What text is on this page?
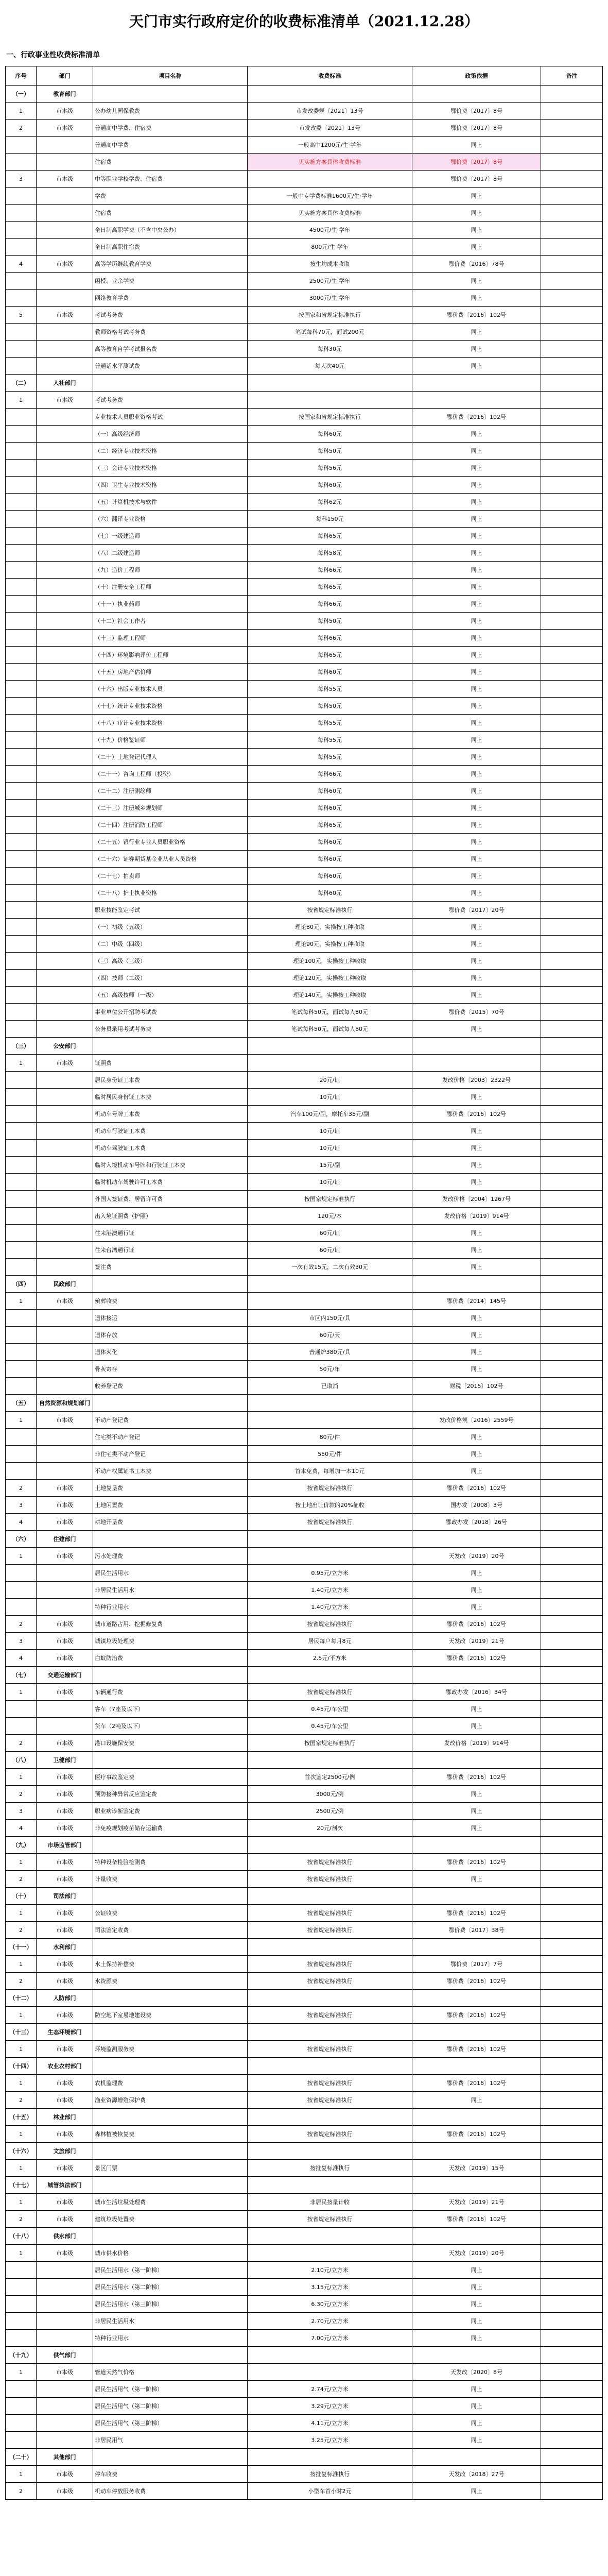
天门市实行政府定价的收费标准清单（2021.12.28）
一、行政事业性收费标准清单
序号	部门	项目名称	收费标准	政策依据	备注
（一）	教育部门				
1	市本级	公办幼儿园保教费	市发改委规〔2021〕13号	鄂价费〔2017〕8号	
2	市本级	普通高中学费、住宿费	市发改委〔2021〕13号	鄂价费〔2017〕8号	
		普通高中学费	一般高中1200元/生·学年	同上	
		住宿费	见实施方案具体收费标准	鄂价费〔2017〕8号	
3	市本级	中等职业学校学费、住宿费		鄂价费〔2017〕8号	
		学费	一般中专学费标准1600元/生·学年	同上	
		住宿费	见实施方案具体收费标准	同上	
		全日制高职学费（不含中央公办）	4500元/生·学年	同上	
		全日制高职住宿费	800元/生·学年	同上	
4	市本级	高等学历继续教育学费	按生均成本收取	鄂价费〔2016〕78号	
		函授、业余学费	2500元/生·学年	同上	
		网络教育学费	3000元/生·学年	同上	
5	市本级	考试考务费	按国家和省规定标准执行	鄂价费〔2016〕102号	
		教师资格考试考务费	笔试每科70元，面试200元	同上	
		高等教育自学考试报名费	每科30元	同上	
		普通话水平测试费	每人次40元	同上	
（二）	人社部门				
1	市本级	考试考务费			
		专业技术人员职业资格考试	按国家和省规定标准执行	鄂价费〔2016〕102号	
		（一）高级经济师	每科60元	同上	
		（二）经济专业技术资格	每科50元	同上	
		（三）会计专业技术资格	每科56元	同上	
		（四）卫生专业技术资格	每科60元	同上	
		（五）计算机技术与软件	每科62元	同上	
		（六）翻译专业资格	每科150元	同上	
		（七）一级建造师	每科65元	同上	
		（八）二级建造师	每科58元	同上	
		（九）造价工程师	每科66元	同上	
		（十）注册安全工程师	每科65元	同上	
		（十一）执业药师	每科66元	同上	
		（十二）社会工作者	每科50元	同上	
		（十三）监理工程师	每科66元	同上	
		（十四）环境影响评价工程师	每科65元	同上	
		（十五）房地产估价师	每科60元	同上	
		（十六）出版专业技术人员	每科55元	同上	
		（十七）统计专业技术资格	每科50元	同上	
		（十八）审计专业技术资格	每科55元	同上	
		（十九）价格鉴证师	每科55元	同上	
		（二十）土地登记代理人	每科55元	同上	
		（二十一）咨询工程师（投资）	每科66元	同上	
		（二十二）注册测绘师	每科60元	同上	
		（二十三）注册城乡规划师	每科60元	同上	
		（二十四）注册消防工程师	每科65元	同上	
		（二十五）银行业专业人员职业资格	每科60元	同上	
		（二十六）证券期货基金业从业人员资格	每科60元	同上	
		（二十七）拍卖师	每科60元	同上	
		（二十八）护士执业资格	每科60元	同上	
		职业技能鉴定考试	按省规定标准执行	鄂价费〔2017〕20号	
		（一）初级（五级）	理论80元，实操按工种收取	同上	
		（二）中级（四级）	理论90元，实操按工种收取	同上	
		（三）高级（三级）	理论100元，实操按工种收取	同上	
		（四）技师（二级）	理论120元，实操按工种收取	同上	
		（五）高级技师（一级）	理论140元，实操按工种收取	同上	
		事业单位公开招聘考试费	笔试每科50元，面试每人80元	鄂价费〔2015〕70号	
		公务员录用考试考务费	笔试每科50元，面试每人80元	同上	
（三）	公安部门				
1	市本级	证照费			
		居民身份证工本费	20元/证	发改价格〔2003〕2322号	
		临时居民身份证工本费	10元/证	同上	
		机动车号牌工本费	汽车100元/副，摩托车35元/副	鄂价费〔2016〕102号	
		机动车行驶证工本费	10元/证	同上	
		机动车驾驶证工本费	10元/证	同上	
		临时入境机动车号牌和行驶证工本费	15元/副	同上	
		临时机动车驾驶许可工本费	10元/证	同上	
		外国人签证费、居留许可费	按国家规定标准执行	发改价格〔2004〕1267号	
		出入境证照费（护照）	120元/本	发改价格〔2019〕914号	
		往来港澳通行证	60元/证	同上	
		往来台湾通行证	60元/证	同上	
		签注费	一次有效15元，二次有效30元	同上	
（四）	民政部门				
1	市本级	殡葬收费		鄂价费〔2014〕145号	
		遗体接运	市区内150元/具	同上	
		遗体存放	60元/天	同上	
		遗体火化	普通炉380元/具	同上	
		骨灰寄存	50元/年	同上	
		收养登记费	已取消	财税〔2015〕102号	
（五）	自然资源和规划部门				
1	市本级	不动产登记费		发改价格规〔2016〕2559号	
		住宅类不动产登记	80元/件	同上	
		非住宅类不动产登记	550元/件	同上	
		不动产权属证书工本费	首本免费，每增加一本10元	同上	
2	市本级	土地复垦费	按省规定标准执行	鄂价费〔2016〕102号	
3	市本级	土地闲置费	按土地出让价款的20%征收	国办发〔2008〕3号	
4	市本级	耕地开垦费	按省规定标准执行	鄂政办发〔2018〕26号	
（六）	住建部门				
1	市本级	污水处理费		天发改〔2019〕20号	
		居民生活用水	0.95元/立方米	同上	
		非居民生活用水	1.40元/立方米	同上	
		特种行业用水	1.40元/立方米	同上	
2	市本级	城市道路占用、挖掘修复费	按省规定标准执行	鄂价费〔2016〕102号	
3	市本级	城镇垃圾处理费	居民每户每月8元	天发改〔2019〕21号	
4	市本级	白蚁防治费	2.5元/平方米	鄂价费〔2016〕102号	
（七）	交通运输部门				
1	市本级	车辆通行费	按省规定标准执行	鄂政办发〔2016〕34号	
		客车（7座及以下）	0.45元/车公里	同上	
		货车（2吨及以下）	0.45元/车公里	同上	
2	市本级	港口设施保安费	按国家规定标准执行	发改价格〔2019〕914号	
（八）	卫健部门				
1	市本级	医疗事故鉴定费	首次鉴定2500元/例	鄂价费〔2016〕102号	
2	市本级	预防接种异常反应鉴定费	3000元/例	同上	
3	市本级	职业病诊断鉴定费	2500元/例	同上	
4	市本级	非免疫规划疫苗储存运输费	20元/剂次	同上	
（九）	市场监管部门				
1	市本级	特种设备检验检测费	按省规定标准执行	鄂价费〔2016〕102号	
2	市本级	计量收费	按省规定标准执行	同上	
（十）	司法部门				
1	市本级	公证收费	按省规定标准执行	鄂价费〔2016〕102号	
2	市本级	司法鉴定收费	按省规定标准执行	鄂价费〔2017〕38号	
（十一）	水利部门				
1	市本级	水土保持补偿费	按省规定标准执行	鄂价费〔2017〕7号	
2	市本级	水资源费	按省规定标准执行	鄂价费〔2016〕102号	
（十二）	人防部门				
1	市本级	防空地下室易地建设费	按省规定标准执行	鄂价费〔2016〕102号	
（十三）	生态环境部门				
1	市本级	环境监测服务费	按省规定标准执行	鄂价费〔2016〕102号	
（十四）	农业农村部门				
1	市本级	农机监理费	按省规定标准执行	鄂价费〔2016〕102号	
2	市本级	渔业资源增殖保护费	按省规定标准执行	同上	
（十五）	林业部门				
1	市本级	森林植被恢复费	按省规定标准执行	鄂价费〔2016〕102号	
（十六）	文旅部门				
1	市本级	景区门票	按批复标准执行	天发改〔2019〕15号	
（十七）	城管执法部门				
1	市本级	城市生活垃圾处理费	非居民按量计收	天发改〔2019〕21号	
2	市本级	建筑垃圾处置费	按省规定标准执行	鄂价费〔2016〕102号	
（十八）	供水部门				
1	市本级	城市供水价格		天发改〔2019〕20号	
		居民生活用水（第一阶梯）	2.10元/立方米	同上	
		居民生活用水（第二阶梯）	3.15元/立方米	同上	
		居民生活用水（第三阶梯）	6.30元/立方米	同上	
		非居民生活用水	2.70元/立方米	同上	
		特种行业用水	7.00元/立方米	同上	
（十九）	供气部门				
1	市本级	管道天然气价格		天发改〔2020〕8号	
		居民生活用气（第一阶梯）	2.74元/立方米	同上	
		居民生活用气（第二阶梯）	3.29元/立方米	同上	
		居民生活用气（第三阶梯）	4.11元/立方米	同上	
		非居民用气	3.25元/立方米	同上	
（二十）	其他部门				
1	市本级	停车收费	按批复标准执行	天发改〔2018〕27号	
2	市本级	机动车停放服务收费	小型车首小时2元	同上	
